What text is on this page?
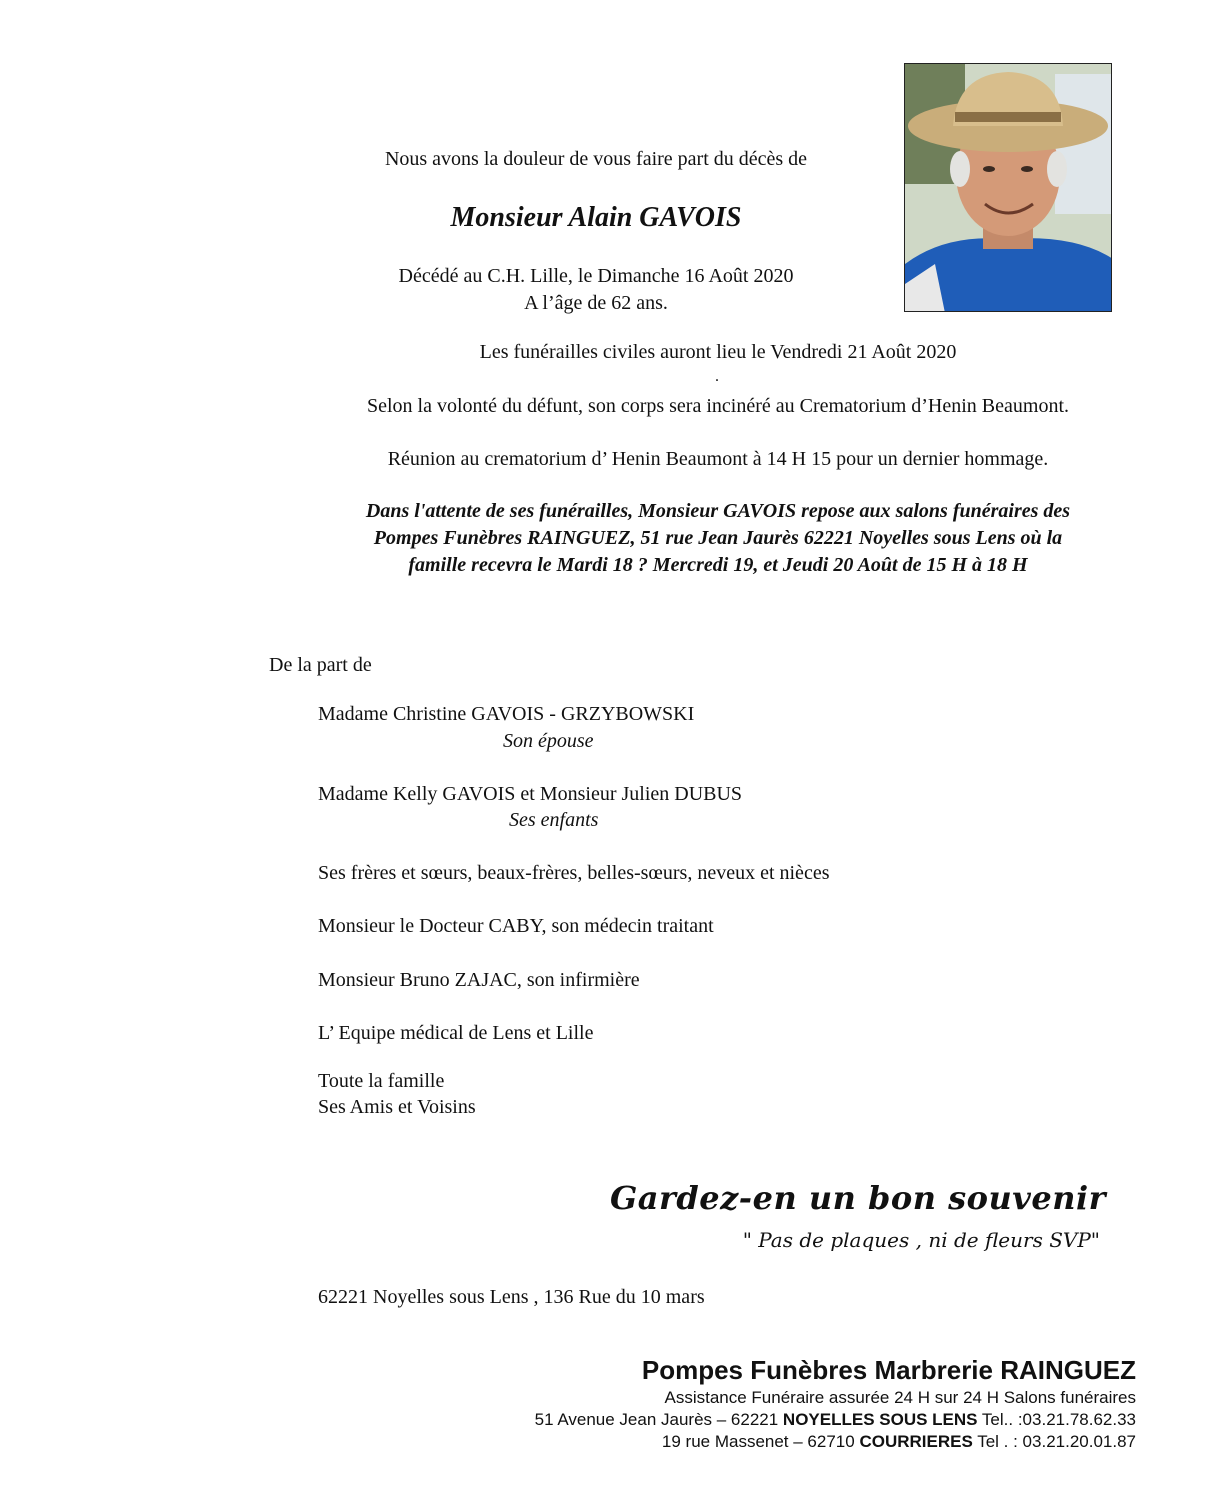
Nous avons la douleur de vous faire part du décès de
Monsieur Alain GAVOIS
Décédé au C.H. Lille, le Dimanche 16 Août 2020
A l’âge de 62 ans.
Les funérailles civiles auront lieu le Vendredi 21 Août 2020
.
Selon la volonté du défunt, son corps sera incinéré au Crematorium d’Henin Beaumont.
Réunion au crematorium d’ Henin Beaumont à 14 H 15 pour un dernier hommage.
Dans l'attente de ses funérailles, Monsieur GAVOIS repose aux salons funéraires des
Pompes Funèbres RAINGUEZ, 51 rue Jean Jaurès 62221 Noyelles sous Lens où la
famille recevra le Mardi 18 ? Mercredi 19, et Jeudi 20 Août de 15 H à 18 H
De la part de
Madame Christine GAVOIS - GRZYBOWSKI
Son épouse
Madame Kelly GAVOIS et Monsieur Julien DUBUS
Ses enfants
Ses frères et sœurs, beaux-frères, belles-sœurs, neveux et nièces
Monsieur le Docteur CABY, son médecin traitant
Monsieur Bruno ZAJAC, son infirmière
L’ Equipe médical de Lens et Lille
Toute la famille
Ses Amis et Voisins
Gardez-en un bon souvenir
" Pas de plaques , ni de fleurs SVP"
62221 Noyelles sous Lens , 136 Rue du 10 mars
Pompes Funèbres Marbrerie RAINGUEZ
Assistance Funéraire assurée 24 H sur 24 H Salons funéraires
51 Avenue Jean Jaurès – 62221 NOYELLES SOUS LENS Tel.. :03.21.78.62.33
19 rue Massenet – 62710 COURRIERES Tel . : 03.21.20.01.87
